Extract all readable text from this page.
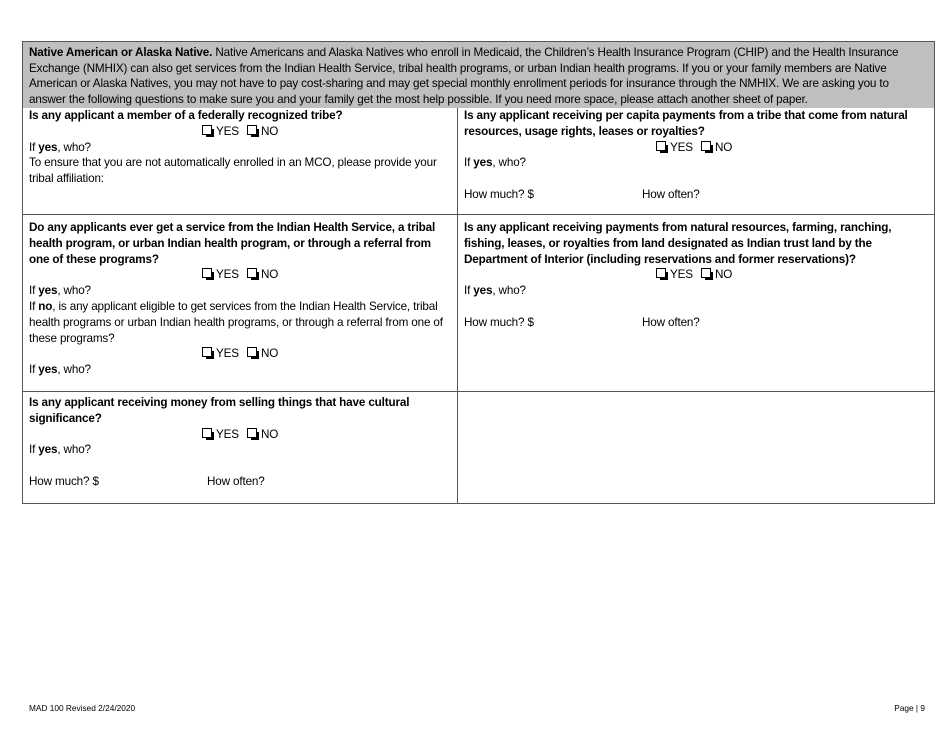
Native American or Alaska Native. Native Americans and Alaska Natives who enroll in Medicaid, the Children’s Health Insurance Program (CHIP) and the Health Insurance Exchange (NMHIX) can also get services from the Indian Health Service, tribal health programs, or urban Indian health programs. If you or your family members are Native American or Alaska Natives, you may not have to pay cost-sharing and may get special monthly enrollment periods for insurance through the NMHIX. We are asking you to answer the following questions to make sure you and your family get the most help possible. If you need more space, please attach another sheet of paper.
Is any applicant a member of a federally recognized tribe?
YES NO
If yes, who?
To ensure that you are not automatically enrolled in an MCO, please provide your tribal affiliation:
Is any applicant receiving per capita payments from a tribe that come from natural resources, usage rights, leases or royalties?
YES NO
If yes, who?
How much? $	How often?
Do any applicants ever get a service from the Indian Health Service, a tribal health program, or urban Indian health program, or through a referral from one of these programs?
YES NO
If yes, who?
If no, is any applicant eligible to get services from the Indian Health Service, tribal health programs or urban Indian health programs, or through a referral from one of these programs?
YES NO
If yes, who?
Is any applicant receiving payments from natural resources, farming, ranching, fishing, leases, or royalties from land designated as Indian trust land by the Department of Interior (including reservations and former reservations)?
YES NO
If yes, who?
How much? $	How often?
Is any applicant receiving money from selling things that have cultural significance?
YES NO
If yes, who?
How much? $	How often?
MAD 100 Revised 2/24/2020	Page | 9
